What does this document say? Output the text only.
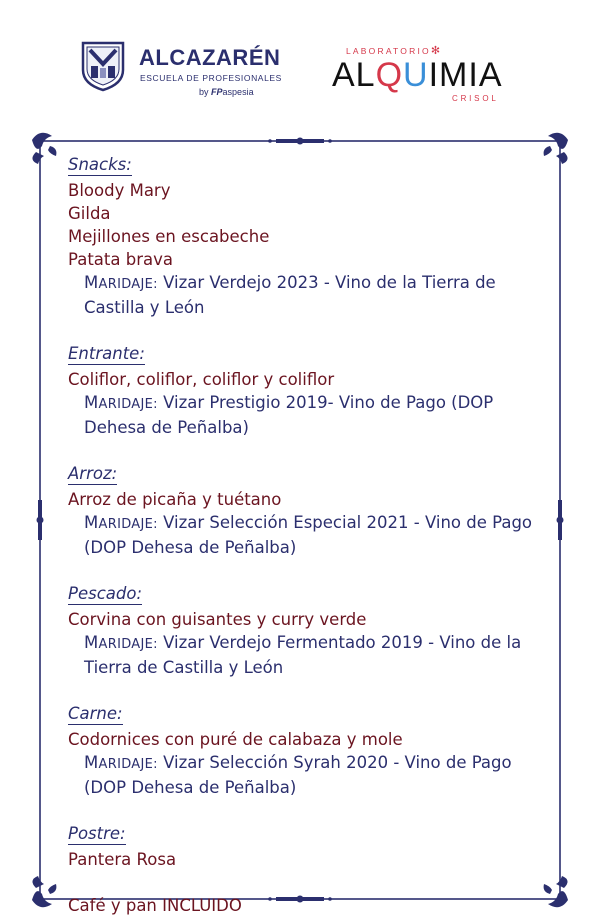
ALCAZARÉN
ESCUELA DE PROFESIONALES
by FPaspesia
LABORATORIO✻
ALQUIMIA
CRISOL
Snacks:
Bloody Mary
Gilda
Mejillones en escabeche
Patata brava
MARIDAJE: Vizar Verdejo 2023 - Vino de la Tierra de
Castilla y León
Entrante:
Coliflor, coliflor, coliflor y coliflor
MARIDAJE: Vizar Prestigio 2019- Vino de Pago (DOP
Dehesa de Peñalba)
Arroz:
Arroz de picaña y tuétano
MARIDAJE: Vizar Selección Especial 2021 - Vino de Pago
(DOP Dehesa de Peñalba)
Pescado:
Corvina con guisantes y curry verde
MARIDAJE: Vizar Verdejo Fermentado 2019 - Vino de la
Tierra de Castilla y León
Carne:
Codornices con puré de calabaza y mole
MARIDAJE: Vizar Selección Syrah 2020 - Vino de Pago
(DOP Dehesa de Peñalba)
Postre:
Pantera Rosa
Café y pan INCLUIDO
